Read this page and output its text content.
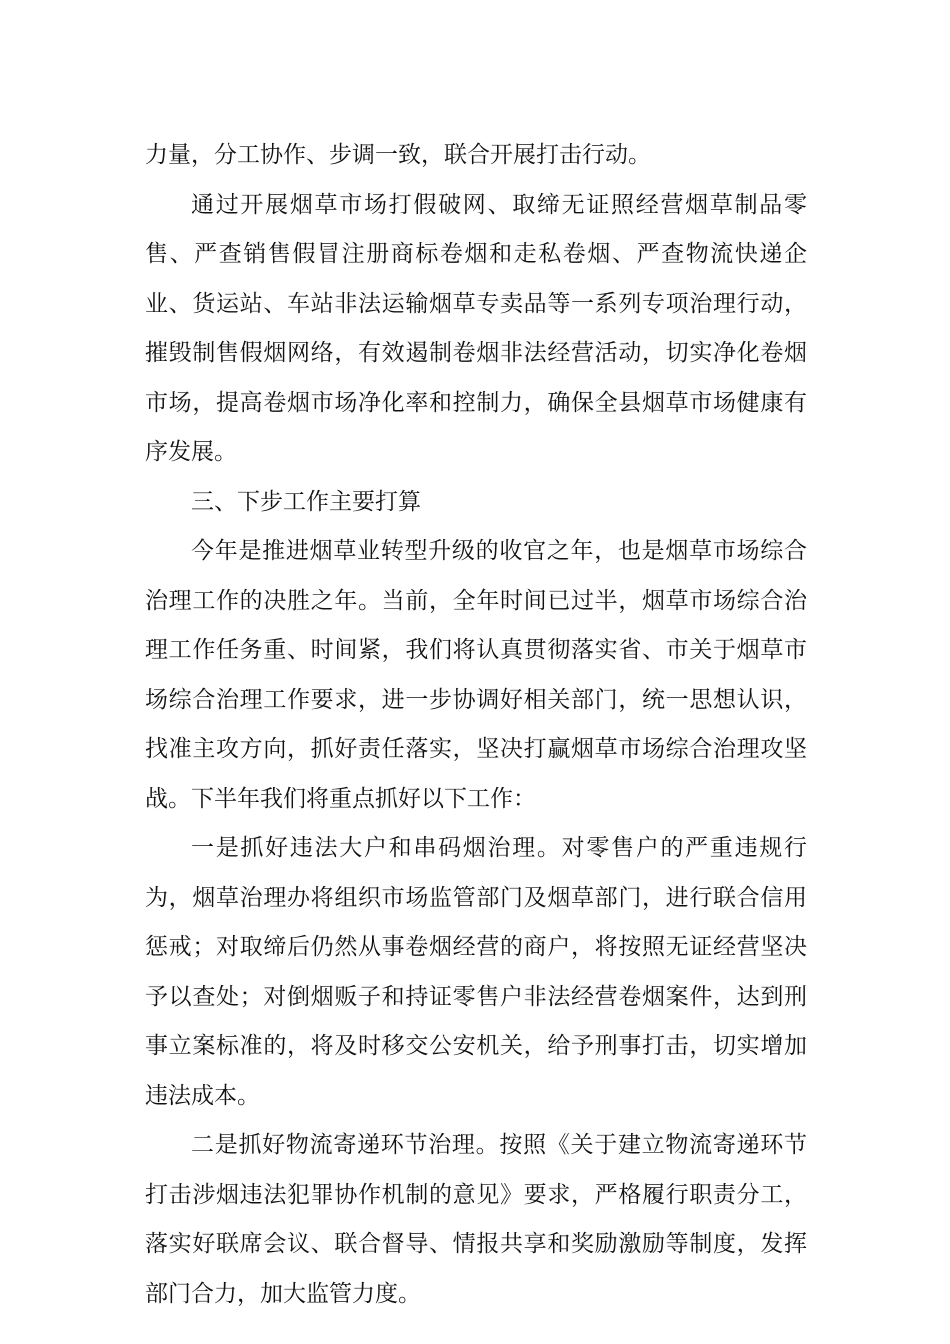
力量，分工协作、步调一致，联合开展打击行动。

通过开展烟草市场打假破网、取缔无证照经营烟草制品零售、严查销售假冒注册商标卷烟和走私卷烟、严查物流快递企业、货运站、车站非法运输烟草专卖品等一系列专项治理行动，摧毁制售假烟网络，有效遏制卷烟非法经营活动，切实净化卷烟市场，提高卷烟市场净化率和控制力，确保全县烟草市场健康有序发展。

三、下步工作主要打算

今年是推进烟草业转型升级的收官之年，也是烟草市场综合治理工作的决胜之年。当前，全年时间已过半，烟草市场综合治理工作任务重、时间紧，我们将认真贯彻落实省、市关于烟草市场综合治理工作要求，进一步协调好相关部门，统一思想认识，找准主攻方向，抓好责任落实，坚决打赢烟草市场综合治理攻坚战。下半年我们将重点抓好以下工作：

一是抓好违法大户和串码烟治理。对零售户的严重违规行为，烟草治理办将组织市场监管部门及烟草部门，进行联合信用惩戒；对取缔后仍然从事卷烟经营的商户，将按照无证经营坚决予以查处；对倒烟贩子和持证零售户非法经营卷烟案件，达到刑事立案标准的，将及时移交公安机关，给予刑事打击，切实增加违法成本。

二是抓好物流寄递环节治理。按照《关于建立物流寄递环节打击涉烟违法犯罪协作机制的意见》要求，严格履行职责分工，落实好联席会议、联合督导、情报共享和奖励激励等制度，发挥部门合力，加大监管力度。
